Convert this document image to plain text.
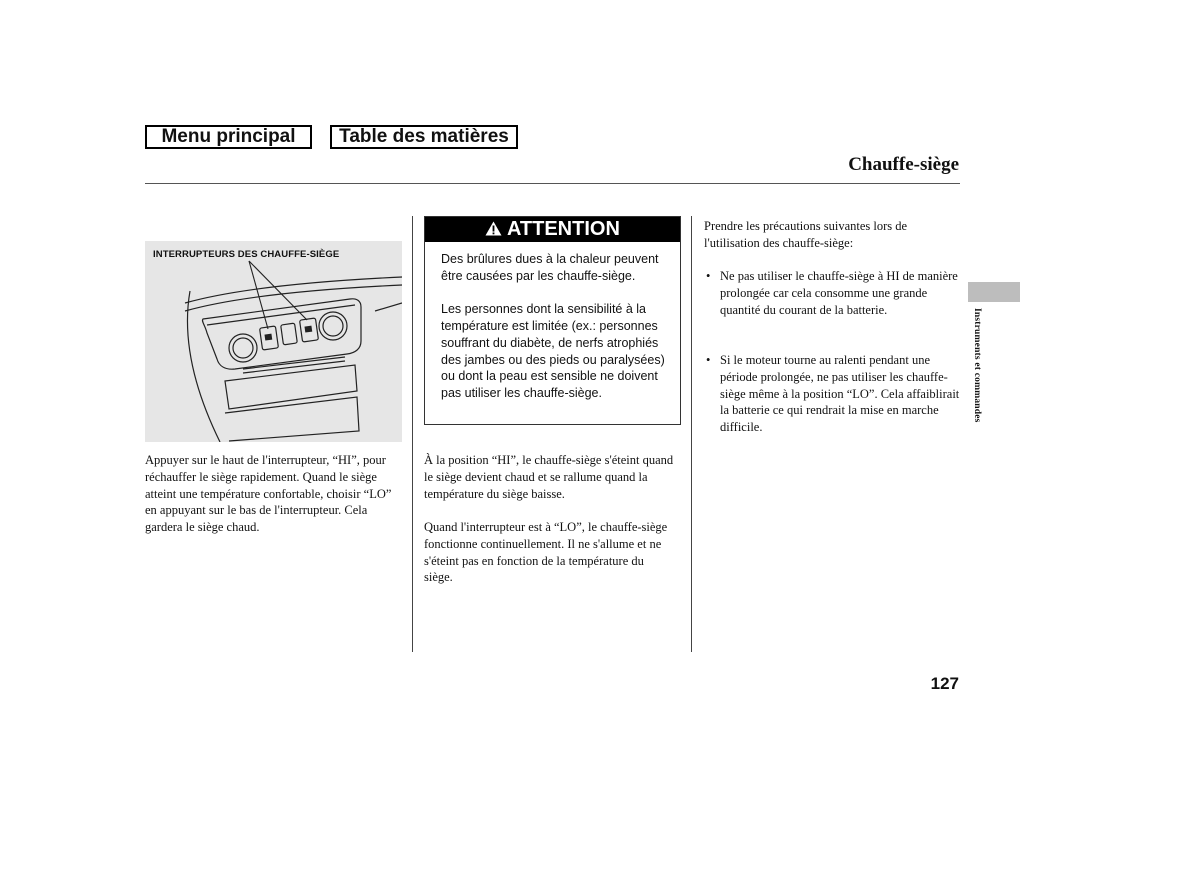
Menu principal	Table des matières
Chauffe-siège
INTERRUPTEURS DES CHAUFFE-SIÈGE
Appuyer sur le haut de l'interrupteur, “HI”, pour réchauffer le siège rapidement. Quand le siège atteint une température confortable, choisir “LO” en appuyant sur le bas de l'interrupteur. Cela gardera le siège chaud.
ATTENTION

Des brûlures dues à la chaleur peuvent être causées par les chauffe-siège.

Les personnes dont la sensibilité à la température est limitée (ex.: personnes souffrant du diabète, de nerfs atrophiés des jambes ou des pieds ou paralysées) ou dont la peau est sensible ne doivent pas utiliser les chauffe-siège.

À la position “HI”, le chauffe-siège s'éteint quand le siège devient chaud et se rallume quand la température du siège baisse.
Quand l'interrupteur est à “LO”, le chauffe-siège fonctionne continuellement. Il ne s'allume et ne s'éteint pas en fonction de la température du siège.
Prendre les précautions suivantes lors de l'utilisation des chauffe-siège:
• Ne pas utiliser le chauffe-siège à HI de manière prolongée car cela consomme une grande quantité du courant de la batterie.
• Si le moteur tourne au ralenti pendant une période prolongée, ne pas utiliser les chauffe-siège même à la position “LO”. Cela affaiblirait la batterie ce qui rendrait la mise en marche difficile.
Instruments et commandes
127
